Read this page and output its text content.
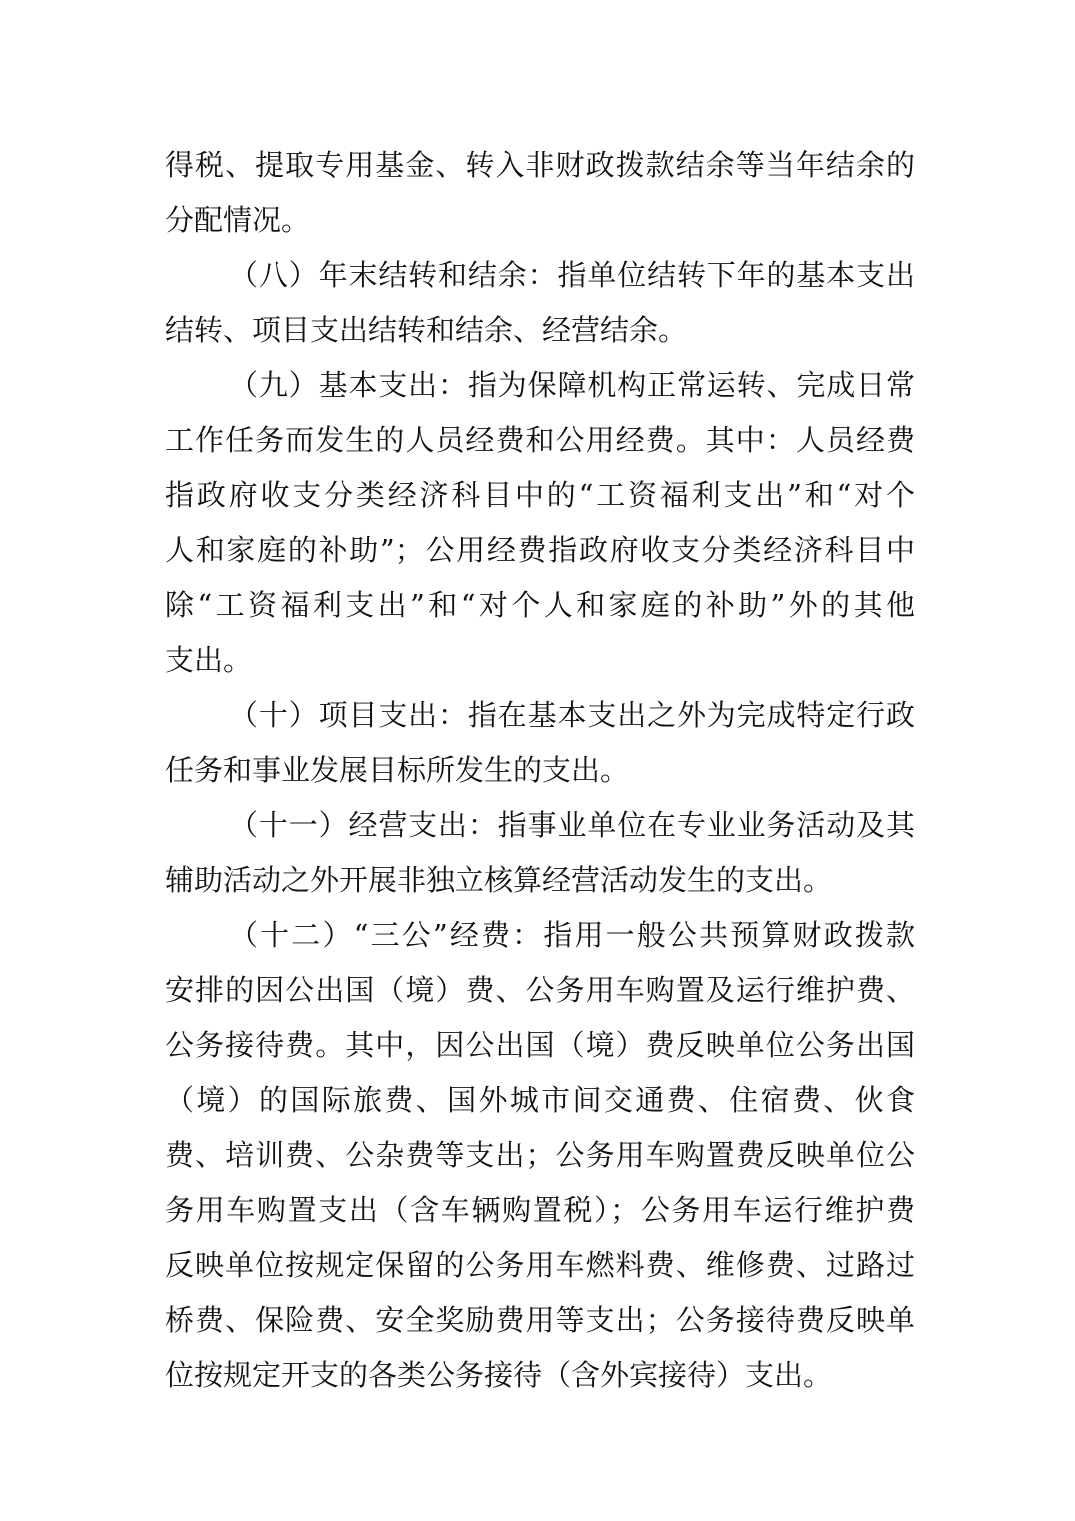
得税、提取专用基金、转入非财政拨款结余等当年结余的
分配情况。
（八）年末结转和结余：指单位结转下年的基本支出
结转、项目支出结转和结余、经营结余。
（九）基本支出：指为保障机构正常运转、完成日常
工作任务而发生的人员经费和公用经费。其中：人员经费
指政府收支分类经济科目中的“工资福利支出”和“对个
人和家庭的补助”；公用经费指政府收支分类经济科目中
除“工资福利支出”和“对个人和家庭的补助”外的其他
支出。
（十）项目支出：指在基本支出之外为完成特定行政
任务和事业发展目标所发生的支出。
（十一）经营支出：指事业单位在专业业务活动及其
辅助活动之外开展非独立核算经营活动发生的支出。
（十二）“三公”经费：指用一般公共预算财政拨款
安排的因公出国（境）费、公务用车购置及运行维护费、
公务接待费。其中，因公出国（境）费反映单位公务出国
（境）的国际旅费、国外城市间交通费、住宿费、伙食
费、培训费、公杂费等支出；公务用车购置费反映单位公
务用车购置支出（含车辆购置税）；公务用车运行维护费
反映单位按规定保留的公务用车燃料费、维修费、过路过
桥费、保险费、安全奖励费用等支出；公务接待费反映单
位按规定开支的各类公务接待（含外宾接待）支出。
